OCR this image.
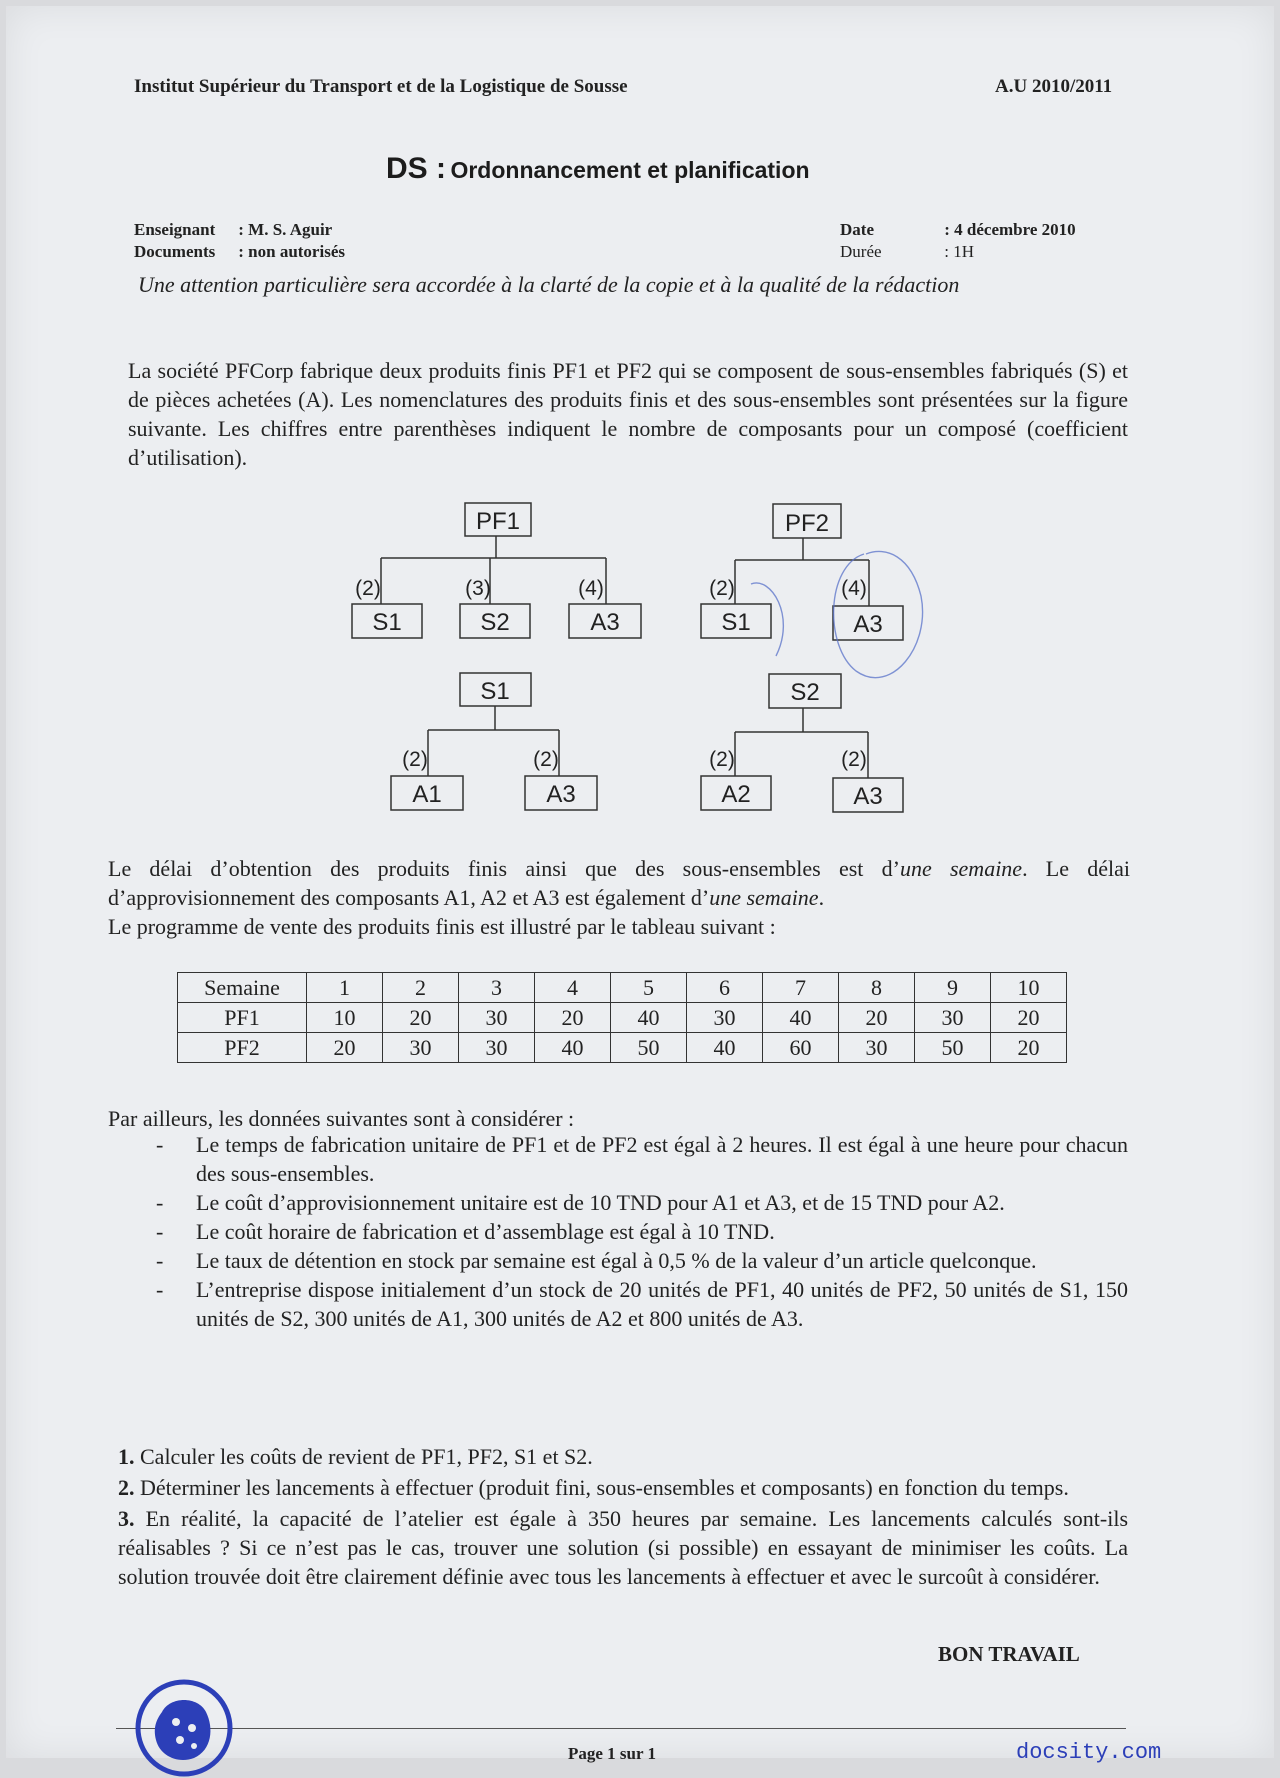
Institut Supérieur du Transport et de la Logistique de Sousse	A.U 2010/2011
DS : Ordonnancement et planification
Enseignant : M. S. Aguir
Documents : non autorisés
Date	: 4 décembre 2010
Durée	: 1H
Une attention particulière sera accordée à la clarté de la copie et à la qualité de la rédaction
La société PFCorp fabrique deux produits finis PF1 et PF2 qui se composent de sous-ensembles fabriqués (S) et de pièces achetées (A). Les nomenclatures des produits finis et des sous-ensembles sont présentées sur la figure suivante. Les chiffres entre parenthèses indiquent le nombre de composants pour un composé (coefficient d’utilisation).
PF1
S1	S2	A3
PF2
S1	A3
S1
A1	A3
S2
A2	A3
(2)	(3)	(4)	(2)	(4)
(2)	(2)	(2)	(2)
Le délai d’obtention des produits finis ainsi que des sous-ensembles est d’une semaine. Le délai d’approvisionnement des composants A1, A2 et A3 est également d’une semaine.
Le programme de vente des produits finis est illustré par le tableau suivant :
Semaine	1	2	3	4	5	6	7	8	9	10
PF1	10	20	30	20	40	30	40	20	30	20
PF2	20	30	30	40	50	40	60	30	50	20
Par ailleurs, les données suivantes sont à considérer :
- Le temps de fabrication unitaire de PF1 et de PF2 est égal à 2 heures. Il est égal à une heure pour chacun des sous-ensembles.
- Le coût d’approvisionnement unitaire est de 10 TND pour A1 et A3, et de 15 TND pour A2.
- Le coût horaire de fabrication et d’assemblage est égal à 10 TND.
- Le taux de détention en stock par semaine est égal à 0,5 % de la valeur d’un article quelconque.
- L’entreprise dispose initialement d’un stock de 20 unités de PF1, 40 unités de PF2, 50 unités de S1, 150 unités de S2, 300 unités de A1, 300 unités de A2 et 800 unités de A3.
1. Calculer les coûts de revient de PF1, PF2, S1 et S2.
2. Déterminer les lancements à effectuer (produit fini, sous-ensembles et composants) en fonction du temps.
3. En réalité, la capacité de l’atelier est égale à 350 heures par semaine. Les lancements calculés sont-ils réalisables ? Si ce n’est pas le cas, trouver une solution (si possible) en essayant de minimiser les coûts. La solution trouvée doit être clairement définie avec tous les lancements à effectuer et avec le surcoût à considérer.
BON TRAVAIL
Page 1 sur 1	docsity.com
